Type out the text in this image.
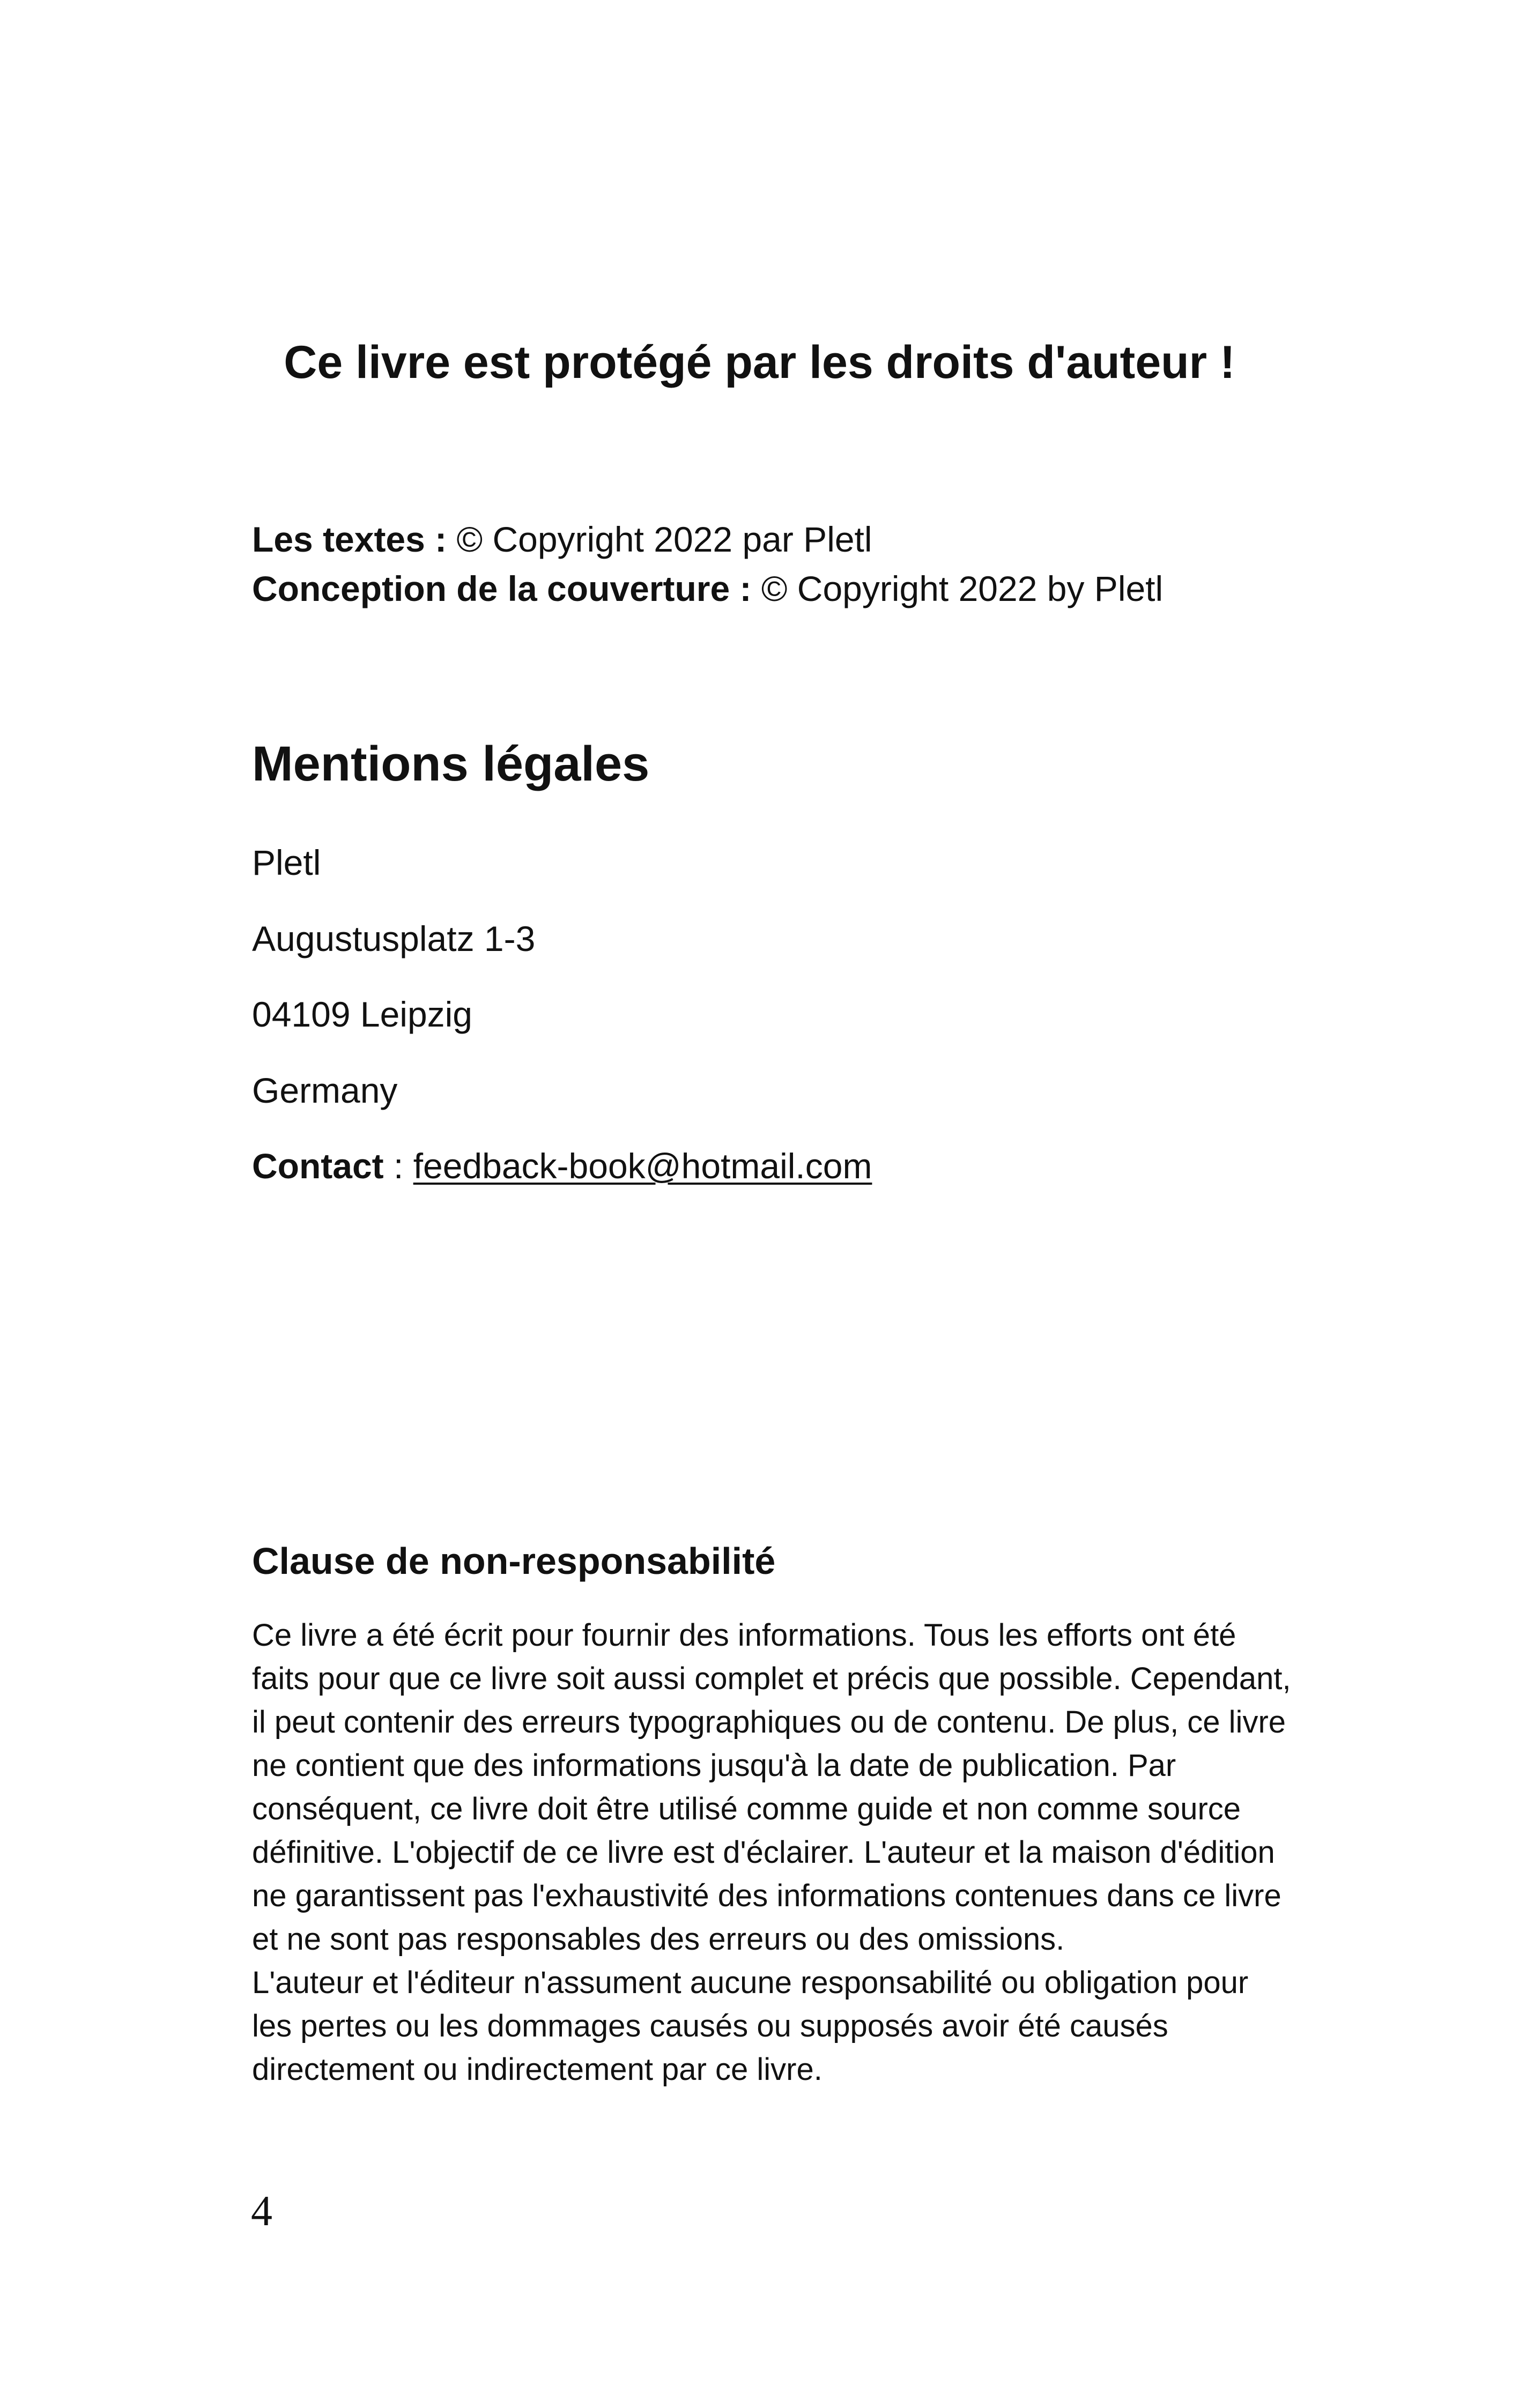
Ce livre est protégé par les droits d'auteur !
Les textes : © Copyright 2022 par Pletl
Conception de la couverture : © Copyright 2022 by Pletl
Mentions légales
Pletl
Augustusplatz 1-3
04109 Leipzig
Germany
Contact : feedback-book@hotmail.com
Clause de non-responsabilité

Ce livre a été écrit pour fournir des informations. Tous les efforts ont été faits pour que ce livre soit aussi complet et précis que possible. Cependant, il peut contenir des erreurs typographiques ou de contenu. De plus, ce livre ne contient que des informations jusqu'à la date de publication. Par conséquent, ce livre doit être utilisé comme guide et non comme source définitive. L'objectif de ce livre est d'éclairer. L'auteur et la maison d'édition ne garantissent pas l'exhaustivité des informations contenues dans ce livre et ne sont pas responsables des erreurs ou des omissions.

L'auteur et l'éditeur n'assument aucune responsabilité ou obligation pour les pertes ou les dommages causés ou supposés avoir été causés directement ou indirectement par ce livre.

4
